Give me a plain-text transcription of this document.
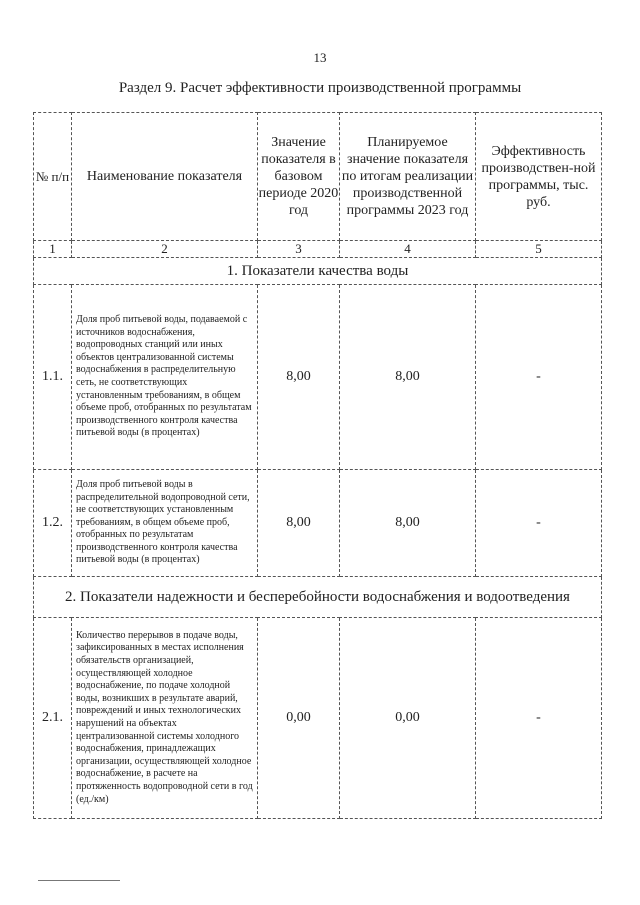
13
Раздел 9. Расчет эффективности производственной программы
№ п/п	Наименование показателя	Значение показателя в базовом периоде 2020 год	Планируемое значение показателя по итогам реализации производственной программы 2023 год	Эффективность производствен-ной программы, тыс. руб.
1	2	3	4	5
1. Показатели качества воды				
1.1.	Доля проб питьевой воды, подаваемой с источников водоснабжения, водопроводных станций или иных объектов централизованной системы водоснабжения в распределительную сеть, не соответствующих установленным требованиям, в общем объеме проб, отобранных по результатам производственного контроля качества питьевой воды (в процентах)	8,00	8,00	-
1.2.	Доля проб питьевой воды в распределительной водопроводной сети, не соответствующих установленным требованиям, в общем объеме проб, отобранных по результатам производственного контроля качества питьевой воды (в процентах)	8,00	8,00	-
2. Показатели надежности и бесперебойности водоснабжения и водоотведения				
2.1.	Количество перерывов в подаче воды, зафиксированных в местах исполнения обязательств организацией, осуществляющей холодное водоснабжение, по подаче холодной воды, возникших в результате аварий, повреждений и иных технологических нарушений на объектах централизованной системы холодного водоснабжения, принадлежащих организации, осуществляющей холодное водоснабжение, в расчете на протяженность водопроводной сети в год (ед./км)	0,00	0,00	-
